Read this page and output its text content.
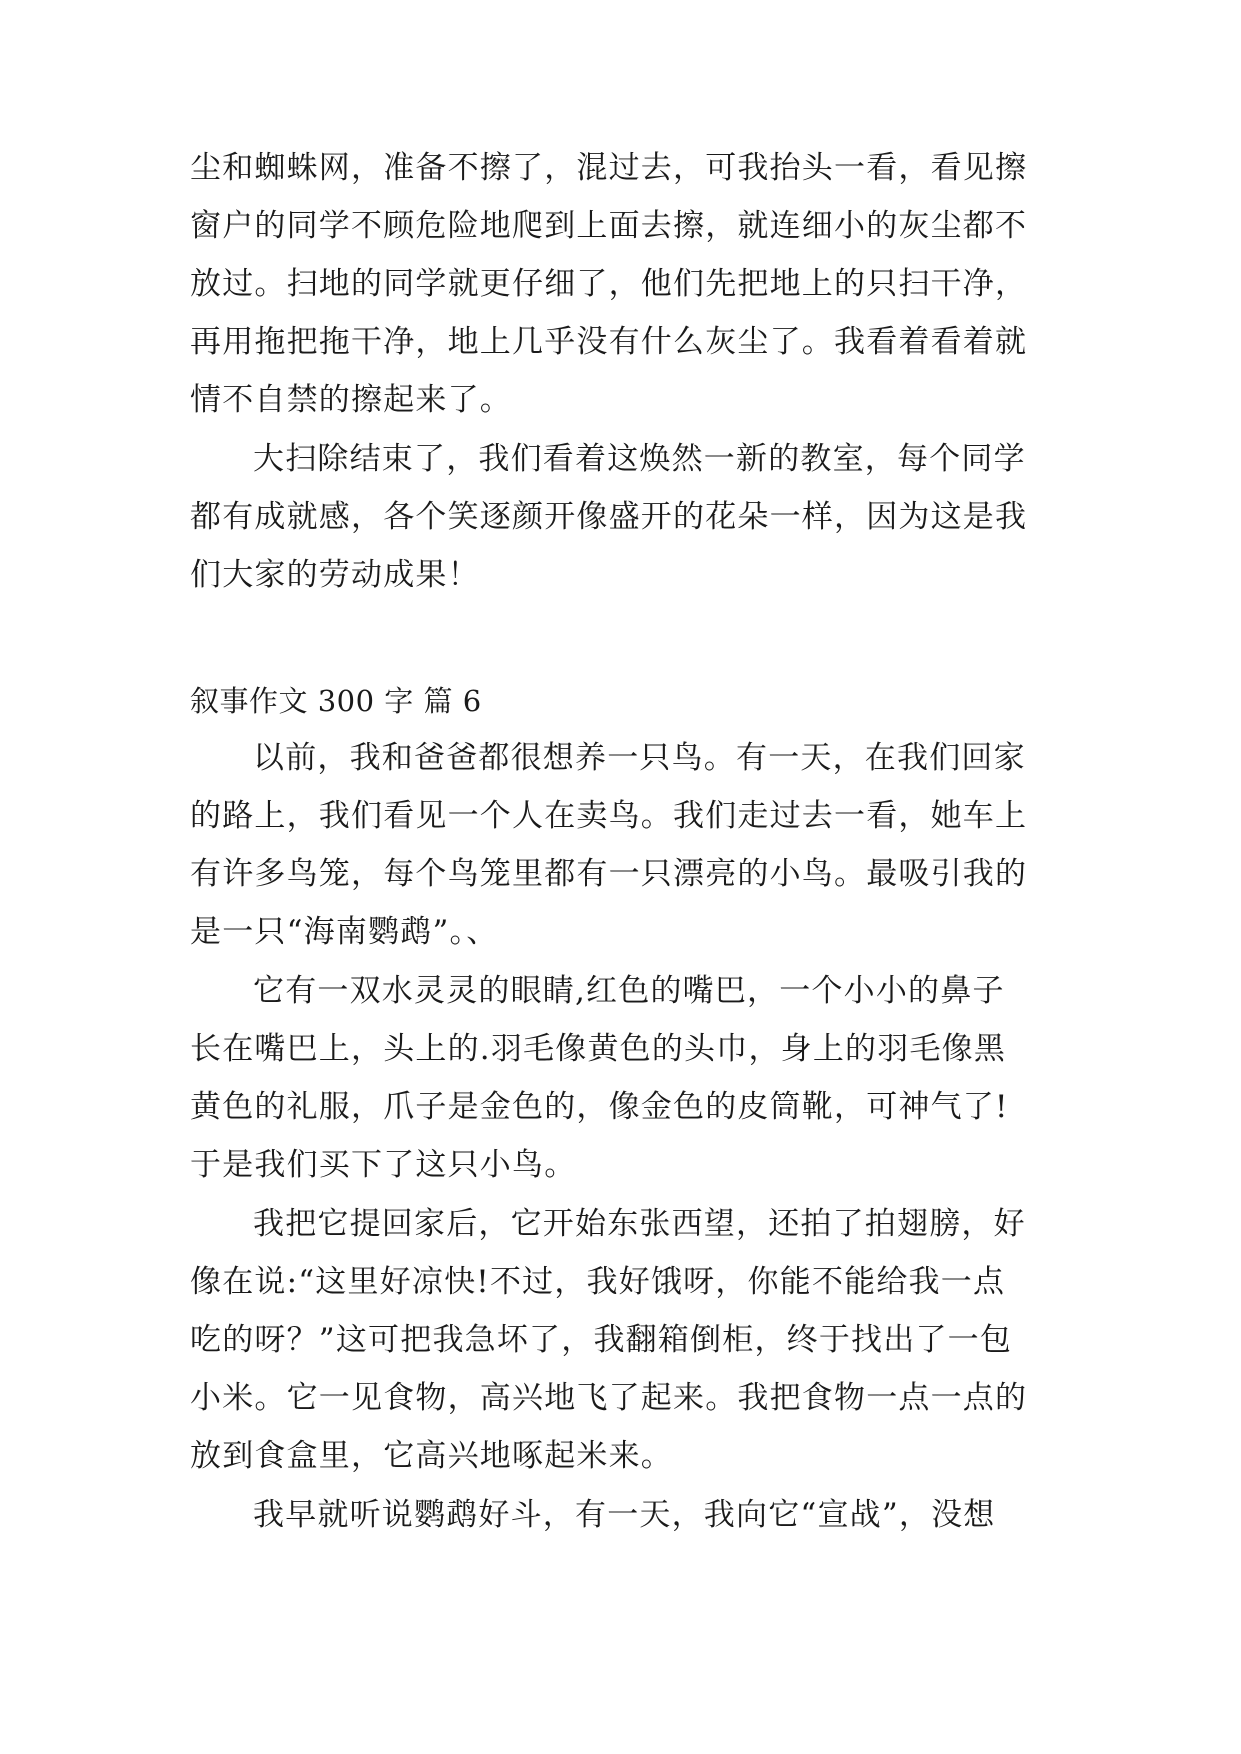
尘和蜘蛛网，准备不擦了，混过去，可我抬头一看，看见擦
窗户的同学不顾危险地爬到上面去擦，就连细小的灰尘都不
放过。扫地的同学就更仔细了，他们先把地上的只扫干净，
再用拖把拖干净，地上几乎没有什么灰尘了。我看着看着就
情不自禁的擦起来了。
大扫除结束了，我们看着这焕然一新的教室，每个同学
都有成就感，各个笑逐颜开像盛开的花朵一样，因为这是我
们大家的劳动成果！
叙事作文 300 字 篇 6
以前，我和爸爸都很想养一只鸟。有一天，在我们回家
的路上，我们看见一个人在卖鸟。我们走过去一看，她车上
有许多鸟笼，每个鸟笼里都有一只漂亮的小鸟。最吸引我的
是一只“海南鹦鹉”。、
它有一双水灵灵的眼睛,红色的嘴巴，一个小小的鼻子
长在嘴巴上，头上的.羽毛像黄色的头巾，身上的羽毛像黑
黄色的礼服，爪子是金色的，像金色的皮筒靴，可神气了!
于是我们买下了这只小鸟。
我把它提回家后，它开始东张西望，还拍了拍翅膀，好
像在说:“这里好凉快!不过，我好饿呀，你能不能给我一点
吃的呀？”这可把我急坏了，我翻箱倒柜，终于找出了一包
小米。它一见食物，高兴地飞了起来。我把食物一点一点的
放到食盒里，它高兴地啄起米来。
我早就听说鹦鹉好斗，有一天，我向它“宣战”，没想
